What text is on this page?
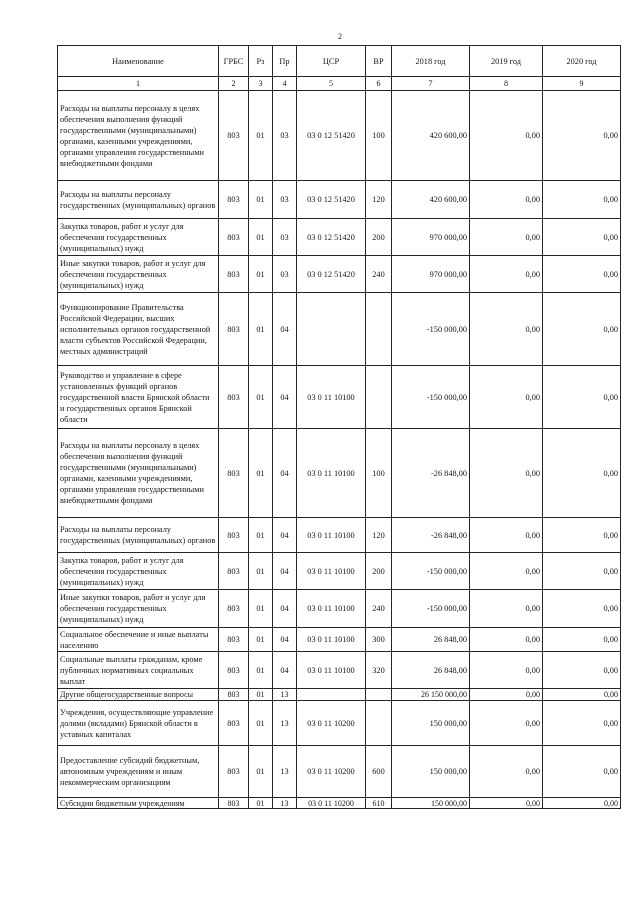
2
Наименование	ГРБС	Рз	Пр	ЦСР	ВР	2018 год	2019 год	2020 год
1	2	3	4	5	6	7	8	9
Расходы на выплаты персоналу в целях обеспечения выполнения функций государственными (муниципальными) органами, казенными учреждениями, органами управления государственными внебюджетными фондами	803	01	03	03 0 12 51420	100	420 600,00	0,00	0,00
Расходы на выплаты персоналу государственных (муниципальных) органов	803	01	03	03 0 12 51420	120	420 600,00	0,00	0,00
Закупка товаров, работ и услуг для обеспечения государственных (муниципальных) нужд	803	01	03	03 0 12 51420	200	970 000,00	0,00	0,00
Иные закупки товаров, работ и услуг для обеспечения государственных (муниципальных) нужд	803	01	03	03 0 12 51420	240	970 000,00	0,00	0,00
Функционирование Правительства Российской Федерации, высших исполнительных органов государственной власти субъектов Российской Федерации, местных администраций	803	01	04			-150 000,00	0,00	0,00
Руководство и управление в сфере установленных функций органов государственной власти Брянской области и государственных органов Брянской области	803	01	04	03 0 11 10100		-150 000,00	0,00	0,00
Расходы на выплаты персоналу в целях обеспечения выполнения функций государственными (муниципальными) органами, казенными учреждениями, органами управления государственными внебюджетными фондами	803	01	04	03 0 11 10100	100	-26 848,00	0,00	0,00
Расходы на выплаты персоналу государственных (муниципальных) органов	803	01	04	03 0 11 10100	120	-26 848,00	0,00	0,00
Закупка товаров, работ и услуг для обеспечения государственных (муниципальных) нужд	803	01	04	03 0 11 10100	200	-150 000,00	0,00	0,00
Иные закупки товаров, работ и услуг для обеспечения государственных (муниципальных) нужд	803	01	04	03 0 11 10100	240	-150 000,00	0,00	0,00
Социальное обеспечение и иные выплаты населению	803	01	04	03 0 11 10100	300	26 848,00	0,00	0,00
Социальные выплаты гражданам, кроме публичных нормативных социальных выплат	803	01	04	03 0 11 10100	320	26 848,00	0,00	0,00
Другие общегосударственные вопросы	803	01	13			26 150 000,00	0,00	0,00
Учреждения, осуществляющие управление долями (вкладами) Брянской области в уставных капиталах	803	01	13	03 0 11 10200		150 000,00	0,00	0,00
Предоставление субсидий бюджетным, автономным учреждениям и иным некоммерческим организациям	803	01	13	03 0 11 10200	600	150 000,00	0,00	0,00
Субсидии бюджетным учреждениям	803	01	13	03 0 11 10200	610	150 000,00	0,00	0,00
